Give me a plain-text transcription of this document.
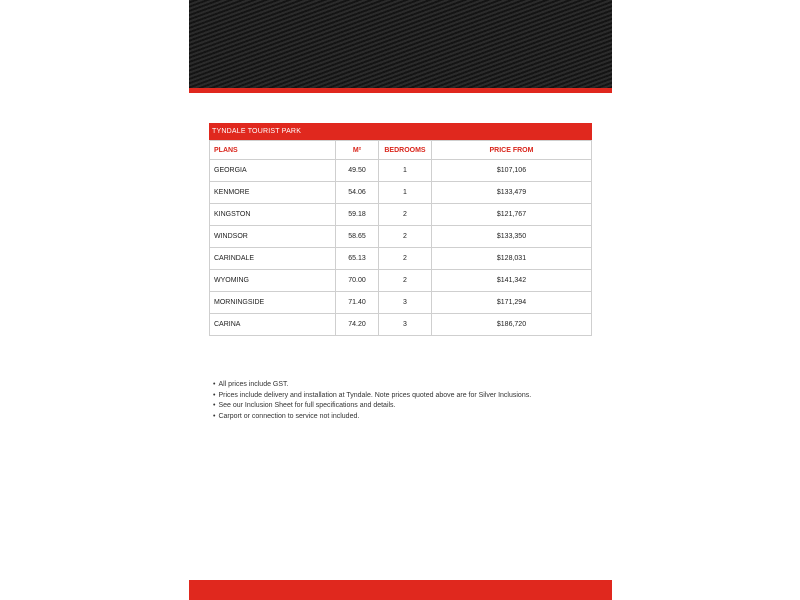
TYNDALE TOURIST PARK
PLANS	M²	BEDROOMS	PRICE FROM
GEORGIA	49.50	1	$107,106
KENMORE	54.06	1	$133,479
KINGSTON	59.18	2	$121,767
WINDSOR	58.65	2	$133,350
CARINDALE	65.13	2	$128,031
WYOMING	70.00	2	$141,342
MORNINGSIDE	71.40	3	$171,294
CARINA	74.20	3	$186,720
• All prices include GST.
• Prices include delivery and installation at Tyndale. Note prices quoted above are for Silver Inclusions.
• See our Inclusion Sheet for full specifications and details.
• Carport or connection to service not included.
